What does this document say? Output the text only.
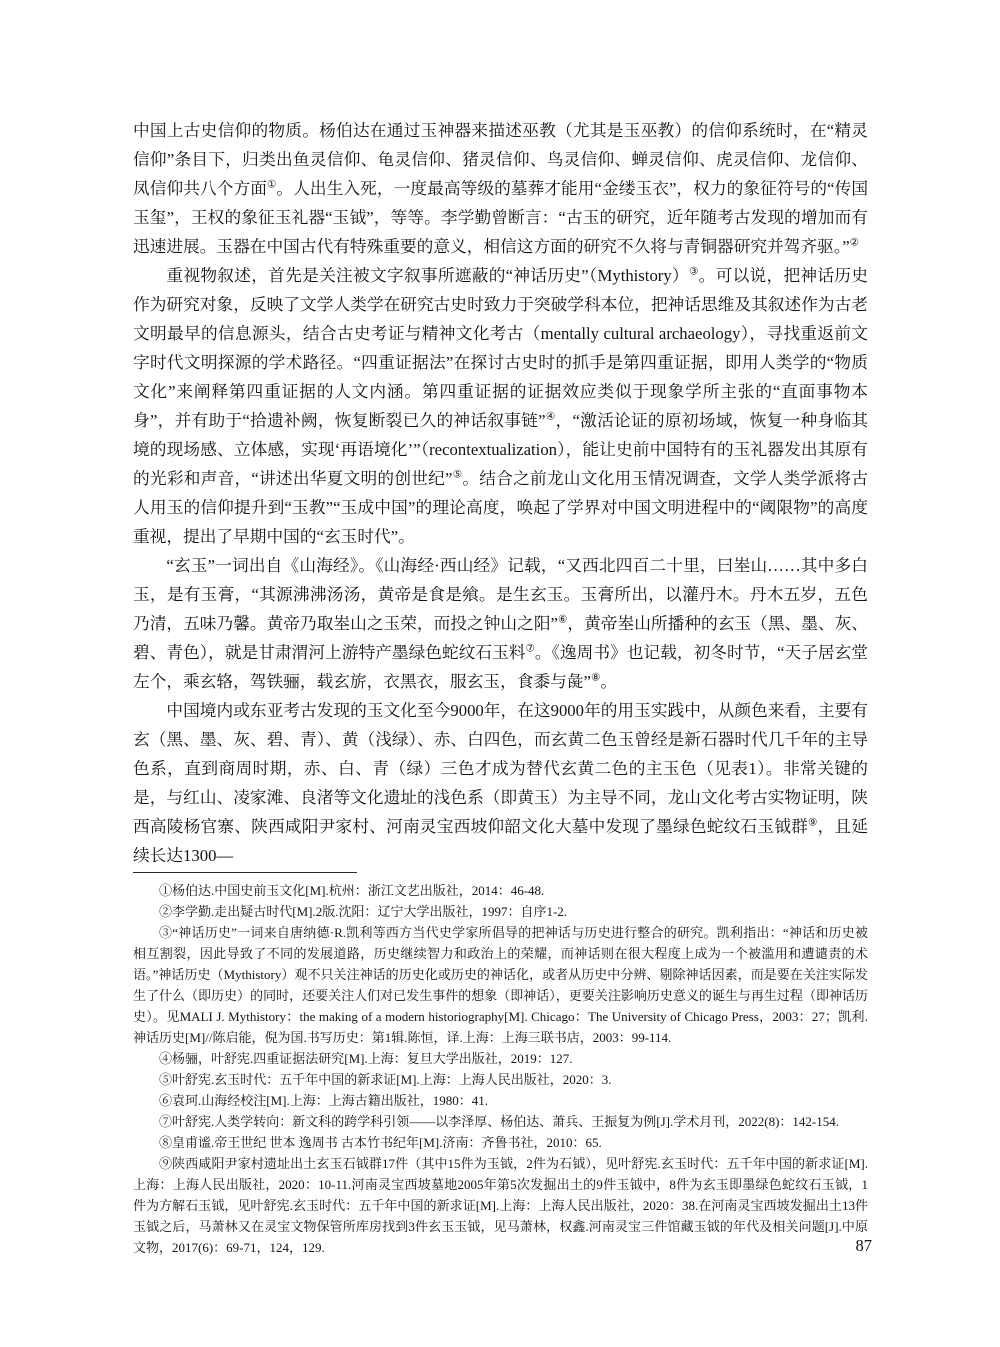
中国上古史信仰的物质。杨伯达在通过玉神器来描述巫教（尤其是玉巫教）的信仰系统时，在“精灵信仰”条目下，归类出鱼灵信仰、龟灵信仰、猪灵信仰、鸟灵信仰、蝉灵信仰、虎灵信仰、龙信仰、凤信仰共八个方面①。人出生入死，一度最高等级的墓葬才能用“金缕玉衣”，权力的象征符号的“传国玉玺”，王权的象征玉礼器“玉钺”，等等。李学勤曾断言：“古玉的研究，近年随考古发现的增加而有迅速进展。玉器在中国古代有特殊重要的意义，相信这方面的研究不久将与青铜器研究并驾齐驱。”②

重视物叙述，首先是关注被文字叙事所遮蔽的“神话历史”（Mythistory）③。可以说，把神话历史作为研究对象，反映了文学人类学在研究古史时致力于突破学科本位，把神话思维及其叙述作为古老文明最早的信息源头，结合古史考证与精神文化考古（mentally cultural archaeology），寻找重返前文字时代文明探源的学术路径。“四重证据法”在探讨古史时的抓手是第四重证据，即用人类学的“物质文化”来阐释第四重证据的人文内涵。第四重证据的证据效应类似于现象学所主张的“直面事物本身”，并有助于“拾遗补阙，恢复断裂已久的神话叙事链”④，“激活论证的原初场域，恢复一种身临其境的现场感、立体感，实现‘再语境化’”（recontextualization），能让史前中国特有的玉礼器发出其原有的光彩和声音，“讲述出华夏文明的创世纪”⑤。结合之前龙山文化用玉情况调查，文学人类学派将古人用玉的信仰提升到“玉教”“玉成中国”的理论高度，唤起了学界对中国文明进程中的“阈限物”的高度重视，提出了早期中国的“玄玉时代”。

“玄玉”一词出自《山海经》。《山海经·西山经》记载，“又西北四百二十里，曰峚山……其中多白玉，是有玉膏，“其源沸沸汤汤，黄帝是食是飨。是生玄玉。玉膏所出，以灌丹木。丹木五岁，五色乃清，五味乃馨。黄帝乃取峚山之玉荣，而投之钟山之阳”⑥，黄帝峚山所播种的玄玉（黑、墨、灰、碧、青色），就是甘肃渭河上游特产墨绿色蛇纹石玉料⑦。《逸周书》也记载，初冬时节，“天子居玄堂左个，乘玄辂，驾铁骊，载玄旂，衣黑衣，服玄玉，食黍与彘”⑧。

中国境内或东亚考古发现的玉文化至今9000年，在这9000年的用玉实践中，从颜色来看，主要有玄（黑、墨、灰、碧、青）、黄（浅绿）、赤、白四色，而玄黄二色玉曾经是新石器时代几千年的主导色系，直到商周时期，赤、白、青（绿）三色才成为替代玄黄二色的主玉色（见表1）。非常关键的是，与红山、凌家滩、良渚等文化遗址的浅色系（即黄玉）为主导不同，龙山文化考古实物证明，陕西高陵杨官寨、陕西咸阳尹家村、河南灵宝西坡仰韶文化大墓中发现了墨绿色蛇纹石玉钺群⑨，且延续长达1300—

①杨伯达.中国史前玉文化[M].杭州：浙江文艺出版社，2014：46-48.

②李学勤.走出疑古时代[M].2版.沈阳：辽宁大学出版社，1997：自序1-2.

③“神话历史”一词来自唐纳德·R.凯利等西方当代史学家所倡导的把神话与历史进行整合的研究。凯利指出：“神话和历史被相互割裂，因此导致了不同的发展道路，历史继续智力和政治上的荣耀，而神话则在很大程度上成为一个被滥用和遭谴责的术语。”神话历史（Mythistory）观不只关注神话的历史化或历史的神话化，或者从历史中分辨、剔除神话因素，而是要在关注实际发生了什么（即历史）的同时，还要关注人们对已发生事件的想象（即神话），更要关注影响历史意义的诞生与再生过程（即神话历史）。见MALI J. Mythistory：the making of a modern historiography[M]. Chicago：The University of Chicago Press，2003：27；凯利.神话历史[M]//陈启能，倪为国.书写历史：第1辑.陈恒，译.上海：上海三联书店，2003：99-114.

④杨骊，叶舒宪.四重证据法研究[M].上海：复旦大学出版社，2019：127.

⑤叶舒宪.玄玉时代：五千年中国的新求证[M].上海：上海人民出版社，2020：3.

⑥袁珂.山海经校注[M].上海：上海古籍出版社，1980：41.

⑦叶舒宪.人类学转向：新文科的跨学科引领——以李泽厚、杨伯达、萧兵、王振复为例[J].学术月刊，2022(8)：142-154.

⑧皇甫谧.帝王世纪 世本 逸周书 古本竹书纪年[M].济南：齐鲁书社，2010：65.

⑨陕西咸阳尹家村遗址出土玄玉石钺群17件（其中15件为玉钺，2件为石钺），见叶舒宪.玄玉时代：五千年中国的新求证[M].上海：上海人民出版社，2020：10-11.河南灵宝西坡墓地2005年第5次发掘出土的9件玉钺中，8件为玄玉即墨绿色蛇纹石玉钺，1件为方解石玉钺，见叶舒宪.玄玉时代：五千年中国的新求证[M].上海：上海人民出版社，2020：38.在河南灵宝西坡发掘出土13件玉钺之后，马萧林又在灵宝文物保管所库房找到3件玄玉玉钺，见马萧林，权鑫.河南灵宝三件馆藏玉钺的年代及相关问题[J].中原文物，2017(6)：69-71，124，129.	87
